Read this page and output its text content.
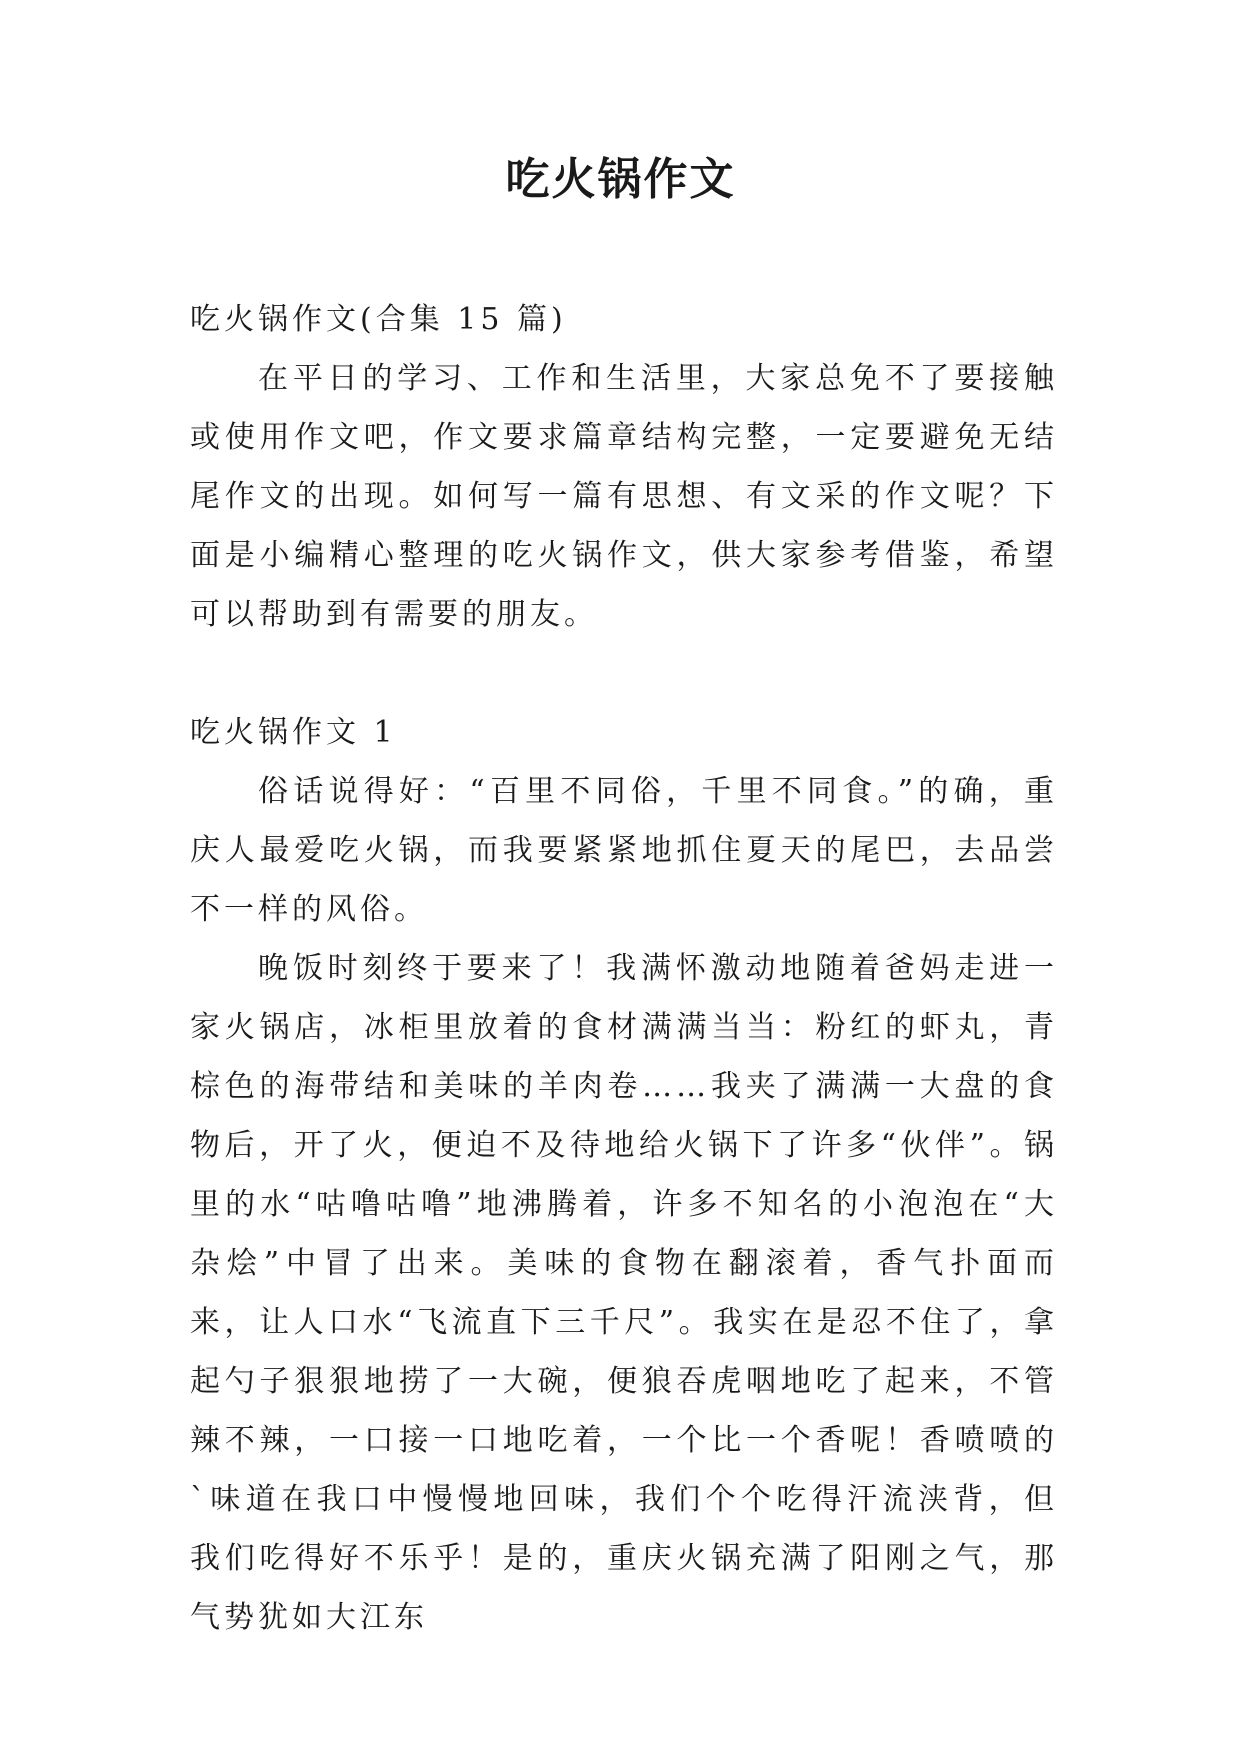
吃火锅作文

吃火锅作文(合集 15 篇)

在平日的学习、工作和生活里，大家总免不了要接触或使用作文吧，作文要求篇章结构完整，一定要避免无结尾作文的出现。如何写一篇有思想、有文采的作文呢？下面是小编精心整理的吃火锅作文，供大家参考借鉴，希望可以帮助到有需要的朋友。

吃火锅作文 1

俗话说得好：“百里不同俗，千里不同食。”的确，重庆人最爱吃火锅，而我要紧紧地抓住夏天的尾巴，去品尝不一样的风俗。

晚饭时刻终于要来了！我满怀激动地随着爸妈走进一家火锅店，冰柜里放着的食材满满当当：粉红的虾丸，青棕色的海带结和美味的羊肉卷……我夹了满满一大盘的食物后，开了火，便迫不及待地给火锅下了许多“伙伴”。锅里的水“咕噜咕噜”地沸腾着，许多不知名的小泡泡在“大杂烩”中冒了出来。美味的食物在翻滚着，香气扑面而来，让人口水“飞流直下三千尺”。我实在是忍不住了，拿起勺子狠狠地捞了一大碗，便狼吞虎咽地吃了起来，不管辣不辣，一口接一口地吃着，一个比一个香呢！香喷喷的`味道在我口中慢慢地回味，我们个个吃得汗流浃背，但我们吃得好不乐乎！是的，重庆火锅充满了阳刚之气，那气势犹如大江东
